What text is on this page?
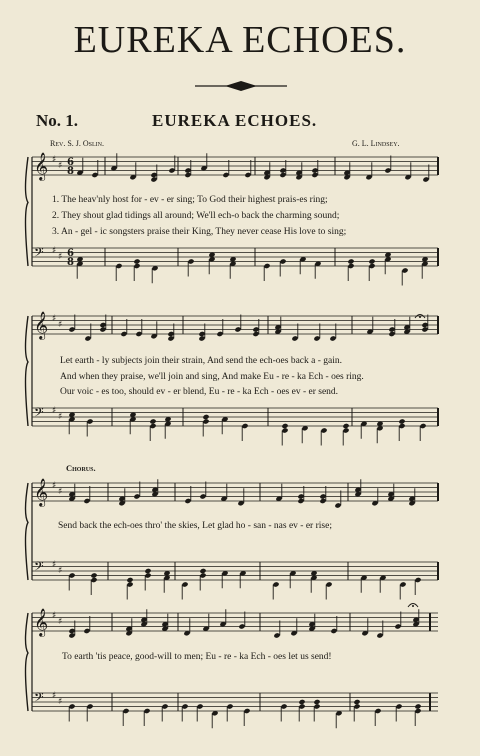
EUREKA ECHOES.
No. 1.	EUREKA ECHOES.
Rev. S. J. Oslin.	G. L. Lindsey.
𝄞 ♯
♯ 6
8
𝄢 ♯
♯ 6
8
𝄞 ♯
♯
𝄢 ♯
♯
𝄞 ♯
♯
𝄢 ♯
♯
𝄞 ♯
♯
𝄢 ♯
♯
1. The heav'nly host for - ev - er sing; To God their highest prais-es ring;
2. They shout glad tidings all around; We'll ech-o back the charming sound;
3. An - gel - ic songsters praise their King, They never cease His love to sing;
Let earth - ly subjects join their strain, And send the ech-oes back a - gain.
And when they praise, we'll join and sing, And make Eu - re - ka Ech - oes ring.
Our voic - es too, should ev - er blend, Eu - re - ka Ech - oes ev - er send.
Chorus.
Send back the ech-oes thro' the skies, Let glad ho - san - nas ev - er rise;
To earth 'tis peace, good-will to men; Eu - re - ka Ech - oes let us send!
